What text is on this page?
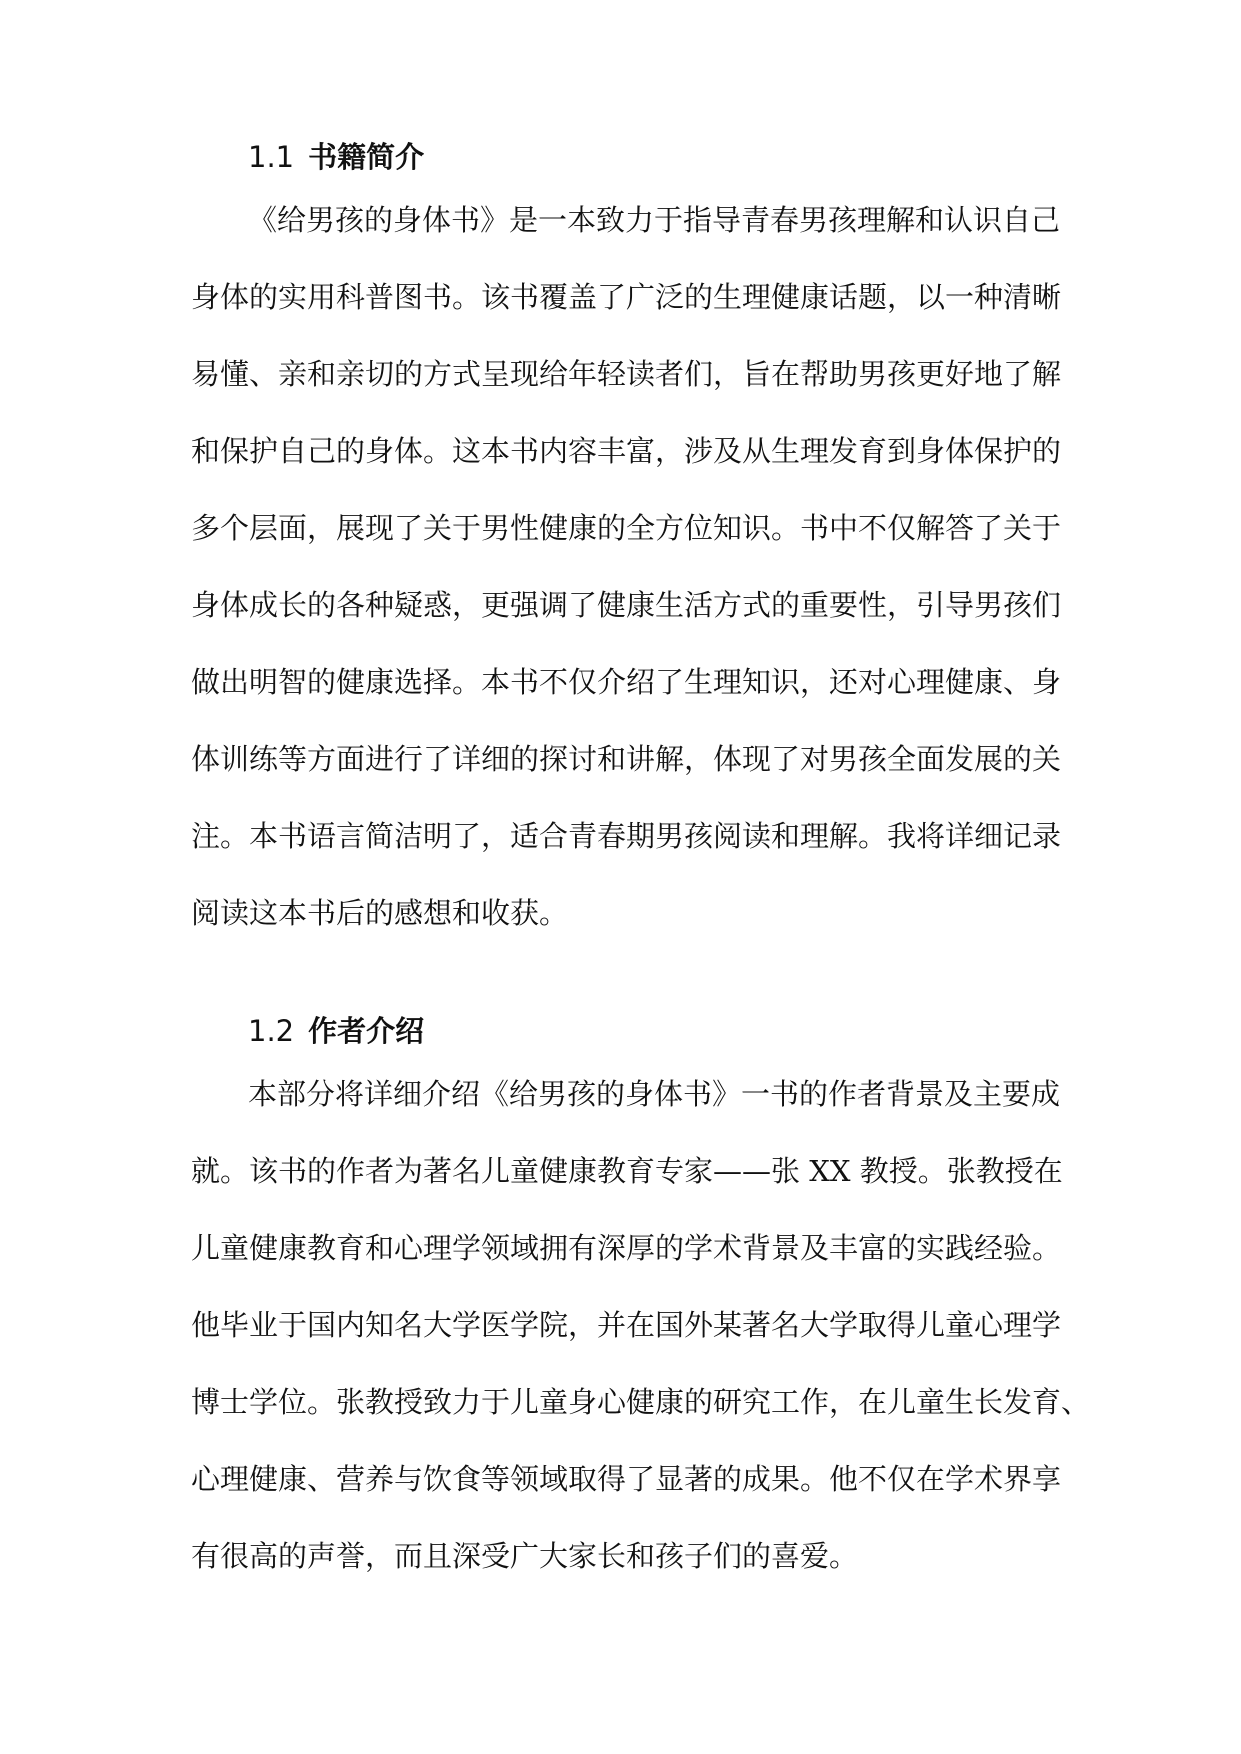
1.1 书籍简介
《给男孩的身体书》是一本致力于指导青春男孩理解和认识自己
身体的实用科普图书。该书覆盖了广泛的生理健康话题，以一种清晰
易懂、亲和亲切的方式呈现给年轻读者们，旨在帮助男孩更好地了解
和保护自己的身体。这本书内容丰富，涉及从生理发育到身体保护的
多个层面，展现了关于男性健康的全方位知识。书中不仅解答了关于
身体成长的各种疑惑，更强调了健康生活方式的重要性，引导男孩们
做出明智的健康选择。本书不仅介绍了生理知识，还对心理健康、身
体训练等方面进行了详细的探讨和讲解，体现了对男孩全面发展的关
注。本书语言简洁明了，适合青春期男孩阅读和理解。我将详细记录
阅读这本书后的感想和收获。
1.2 作者介绍
本部分将详细介绍《给男孩的身体书》一书的作者背景及主要成
就。该书的作者为著名儿童健康教育专家——张 XX 教授。张教授在
儿童健康教育和心理学领域拥有深厚的学术背景及丰富的实践经验。
他毕业于国内知名大学医学院，并在国外某著名大学取得儿童心理学
博士学位。张教授致力于儿童身心健康的研究工作，在儿童生长发育、
心理健康、营养与饮食等领域取得了显著的成果。他不仅在学术界享
有很高的声誉，而且深受广大家长和孩子们的喜爱。
